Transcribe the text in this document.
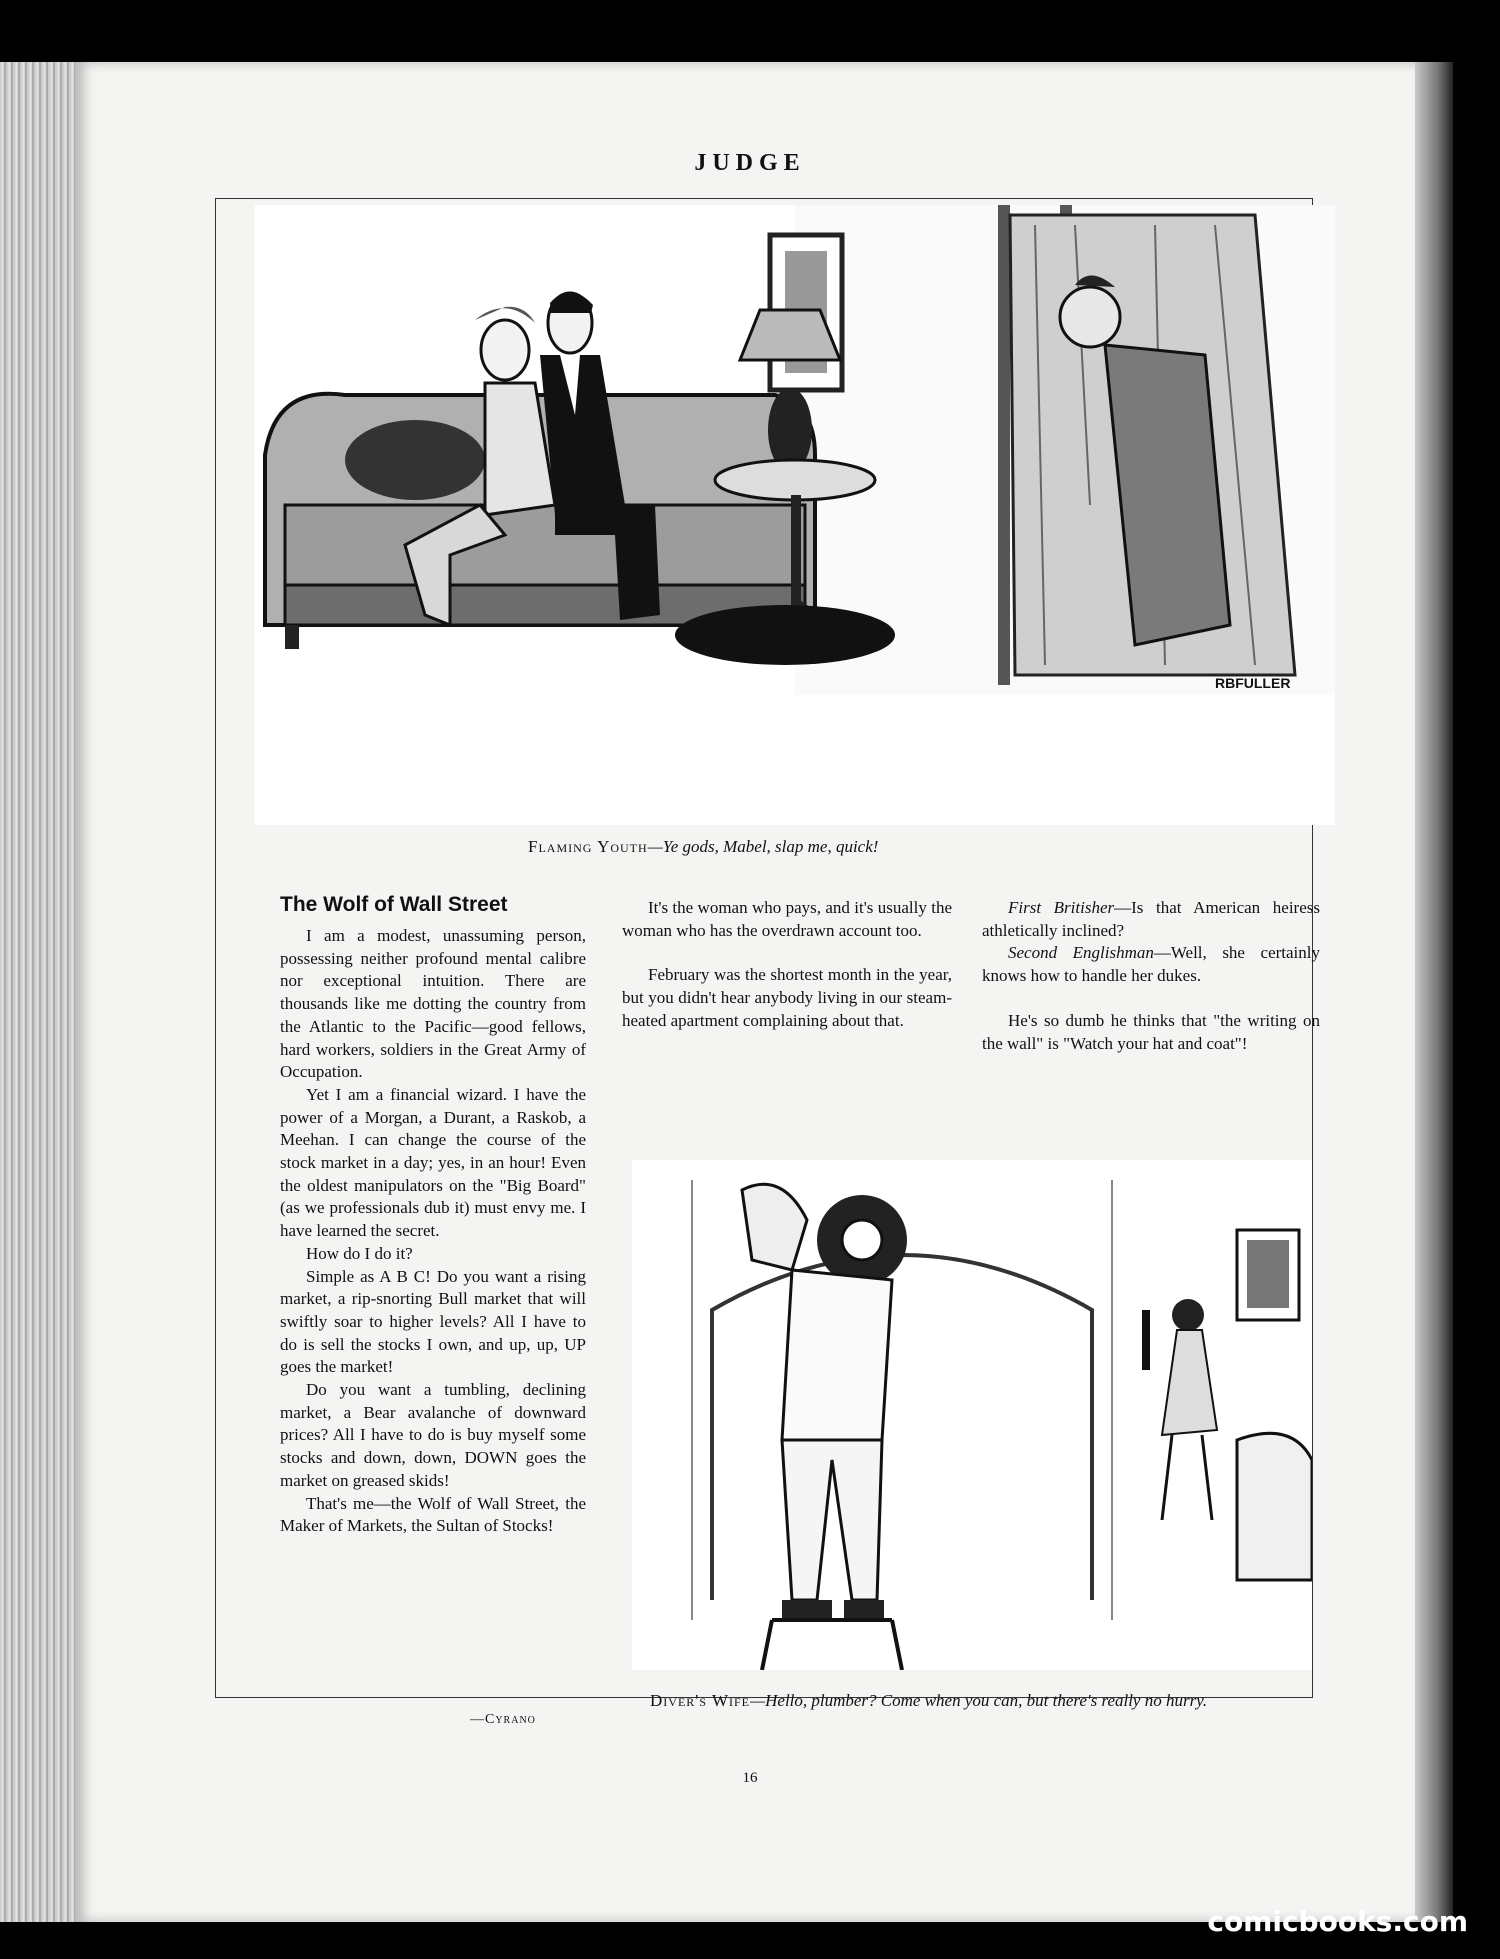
JUDGE
RBFULLER
Flaming Youth—Ye gods, Mabel, slap me, quick!
The Wolf of Wall Street

I am a modest, unassuming person, possessing neither profound mental calibre nor exceptional intuition. There are thousands like me dotting the country from the Atlantic to the Pacific—good fellows, hard workers, soldiers in the Great Army of Occupation.

Yet I am a financial wizard. I have the power of a Morgan, a Durant, a Raskob, a Meehan. I can change the course of the stock market in a day; yes, in an hour! Even the oldest manipulators on the "Big Board" (as we professionals dub it) must envy me. I have learned the secret.

How do I do it?

Simple as A B C! Do you want a rising market, a rip-snorting Bull market that will swiftly soar to higher levels? All I have to do is sell the stocks I own, and up, up, UP goes the market!

Do you want a tumbling, declining market, a Bear avalanche of downward prices? All I have to do is buy myself some stocks and down, down, DOWN goes the market on greased skids!

That's me—the Wolf of Wall Street, the Maker of Markets, the Sultan of Stocks!

—Cyrano

It's the woman who pays, and it's usually the woman who has the overdrawn account too.

February was the shortest month in the year, but you didn't hear anybody living in our steam-heated apartment complaining about that.

First Britisher—Is that American heiress athletically inclined?

Second Englishman—Well, she certainly knows how to handle her dukes.

He's so dumb he thinks that "the writing on the wall" is "Watch your hat and coat"!

Diver's Wife—Hello, plumber? Come when you can, but there's really no hurry.
16
comicbooks.com
